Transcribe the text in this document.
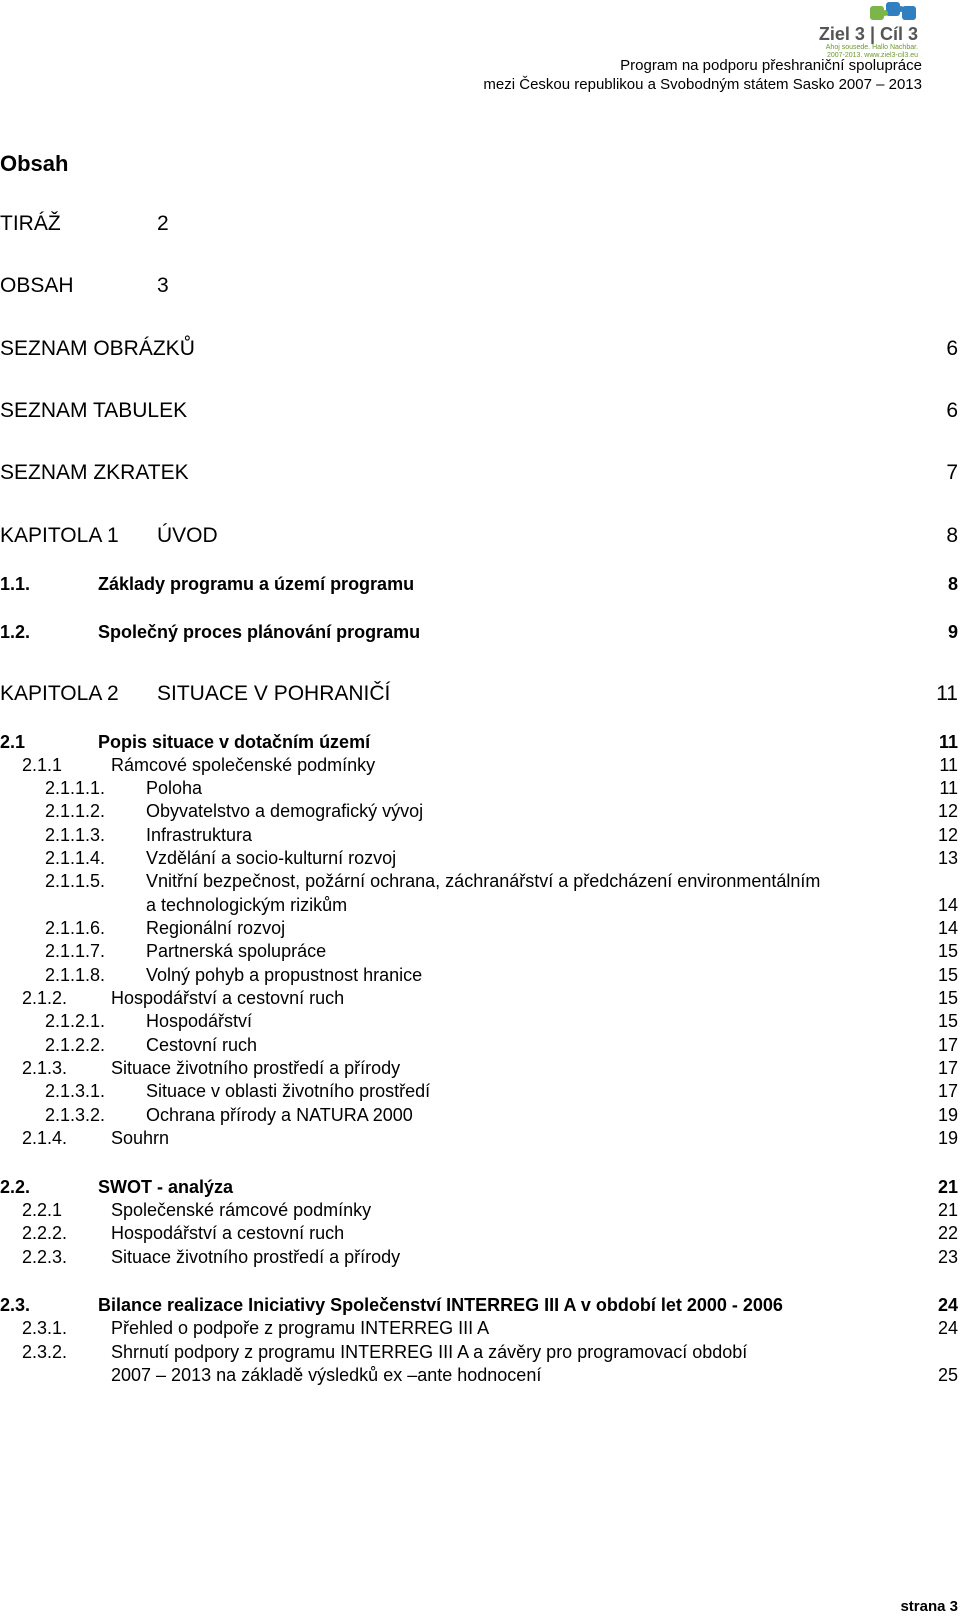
Ziel 3 | Cíl 3
Ahoj sousede. Hallo Nachbar.
2007-2013. www.ziel3-cil3.eu
Program na podporu přeshraniční spolupráce
mezi Českou republikou a Svobodným státem Sasko 2007 – 2013
Obsah
TIRÁŽ	2
OBSAH	3
SEZNAM OBRÁZKŮ	6
SEZNAM TABULEK	6
SEZNAM ZKRATEK	7
KAPITOLA 1 ÚVOD	8
1.1.	Základy programu a území programu	8
1.2.	Společný proces plánování programu	9
KAPITOLA 2 SITUACE V POHRANIČÍ	11
2.1	Popis situace v dotačním území	11
2.1.1	Rámcové společenské podmínky	11
2.1.1.1. Poloha	11
2.1.1.2. Obyvatelstvo a demografický vývoj	12
2.1.1.3. Infrastruktura	12
2.1.1.4. Vzdělání a socio-kulturní rozvoj	13
2.1.1.5. Vnitřní bezpečnost, požární ochrana, záchranářství a předcházení environmentálním
a technologickým rizikům	14
2.1.1.6. Regionální rozvoj	14
2.1.1.7. Partnerská spolupráce	15
2.1.1.8. Volný pohyb a propustnost hranice	15
2.1.2. Hospodářství a cestovní ruch	15
2.1.2.1. Hospodářství	15
2.1.2.2. Cestovní ruch	17
2.1.3. Situace životního prostředí a přírody	17
2.1.3.1. Situace v oblasti životního prostředí	17
2.1.3.2. Ochrana přírody a NATURA 2000	19
2.1.4. Souhrn	19
2.2.	SWOT - analýza	21
2.2.1	Společenské rámcové podmínky	21
2.2.2. Hospodářství a cestovní ruch	22
2.2.3. Situace životního prostředí a přírody	23
2.3.	Bilance realizace Iniciativy Společenství INTERREG III A v období let 2000 - 2006	24
2.3.1. Přehled o podpoře z programu INTERREG III A	24
2.3.2. Shrnutí podpory z programu INTERREG III A a závěry pro programovací období
2007 – 2013 na základě výsledků ex –ante hodnocení	25
strana 3
